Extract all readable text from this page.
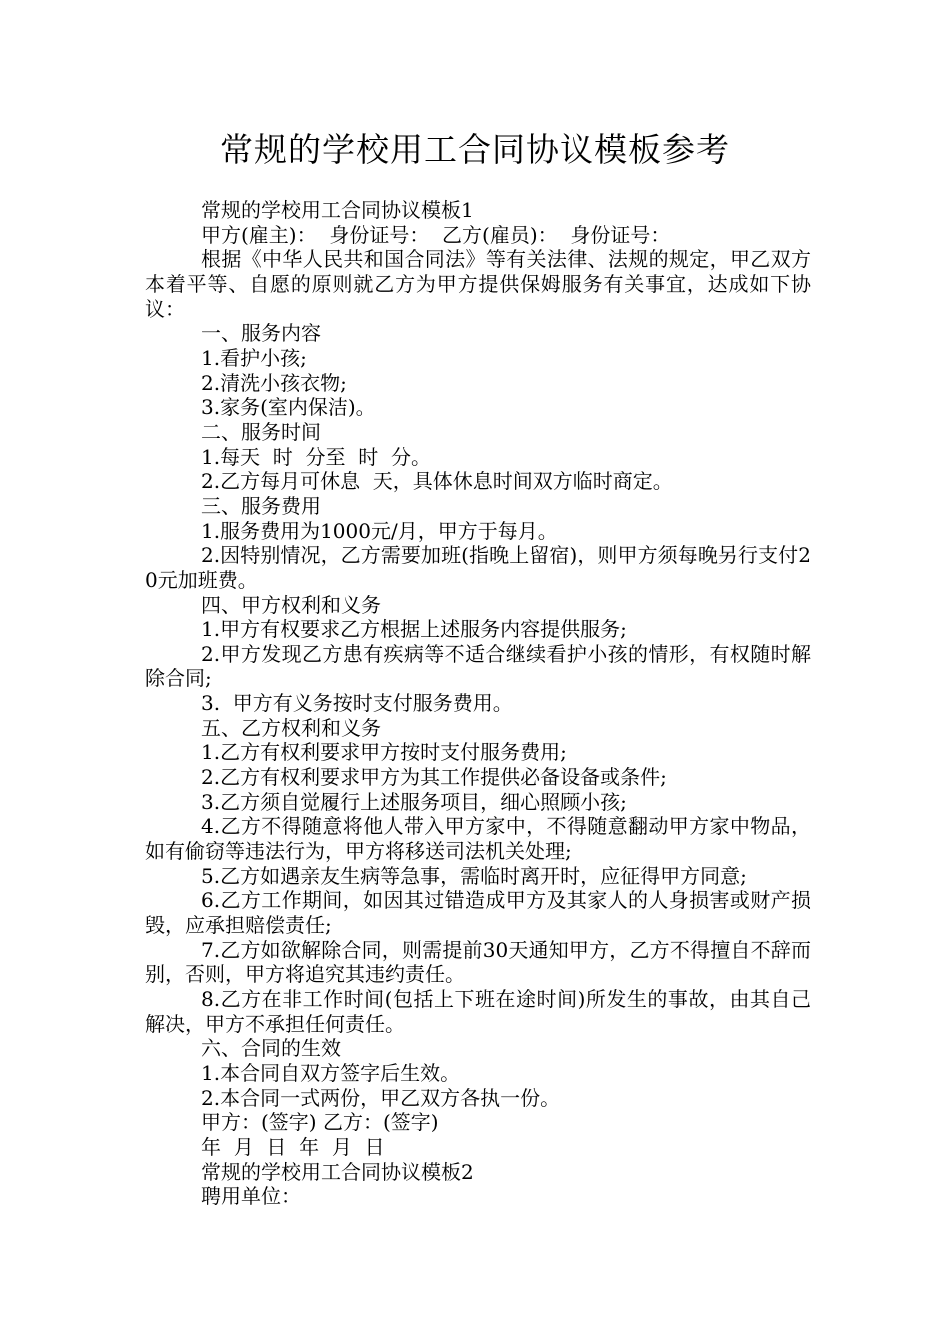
常规的学校用工合同协议模板参考

常规的学校用工合同协议模板1

甲方(雇主)：  身份证号：  乙方(雇员)：  身份证号：

根据《中华人民共和国合同法》等有关法律、法规的规定，甲乙双方本着平等、自愿的原则就乙方为甲方提供保姆服务有关事宜，达成如下协议：

一、服务内容

1.看护小孩;

2.清洗小孩衣物;

3.家务(室内保洁)。

二、服务时间

1.每天  时  分至  时  分。

2.乙方每月可休息  天，具体休息时间双方临时商定。

三、服务费用

1.服务费用为1000元/月，甲方于每月。

2.因特别情况，乙方需要加班(指晚上留宿)，则甲方须每晚另行支付20元加班费。

四、甲方权利和义务

1.甲方有权要求乙方根据上述服务内容提供服务;

2.甲方发现乙方患有疾病等不适合继续看护小孩的情形，有权随时解除合同;

3.  甲方有义务按时支付服务费用。

五、乙方权利和义务

1.乙方有权利要求甲方按时支付服务费用;

2.乙方有权利要求甲方为其工作提供必备设备或条件;

3.乙方须自觉履行上述服务项目，细心照顾小孩;

4.乙方不得随意将他人带入甲方家中，不得随意翻动甲方家中物品，如有偷窃等违法行为，甲方将移送司法机关处理;

5.乙方如遇亲友生病等急事，需临时离开时，应征得甲方同意;

6.乙方工作期间，如因其过错造成甲方及其家人的人身损害或财产损毁，应承担赔偿责任;

7.乙方如欲解除合同，则需提前30天通知甲方，乙方不得擅自不辞而别，否则，甲方将追究其违约责任。

8.乙方在非工作时间(包括上下班在途时间)所发生的事故，由其自己解决，甲方不承担任何责任。

六、合同的生效

1.本合同自双方签字后生效。

2.本合同一式两份，甲乙双方各执一份。

甲方：(签字) 乙方：(签字)

年  月  日  年  月  日

常规的学校用工合同协议模板2

聘用单位：
